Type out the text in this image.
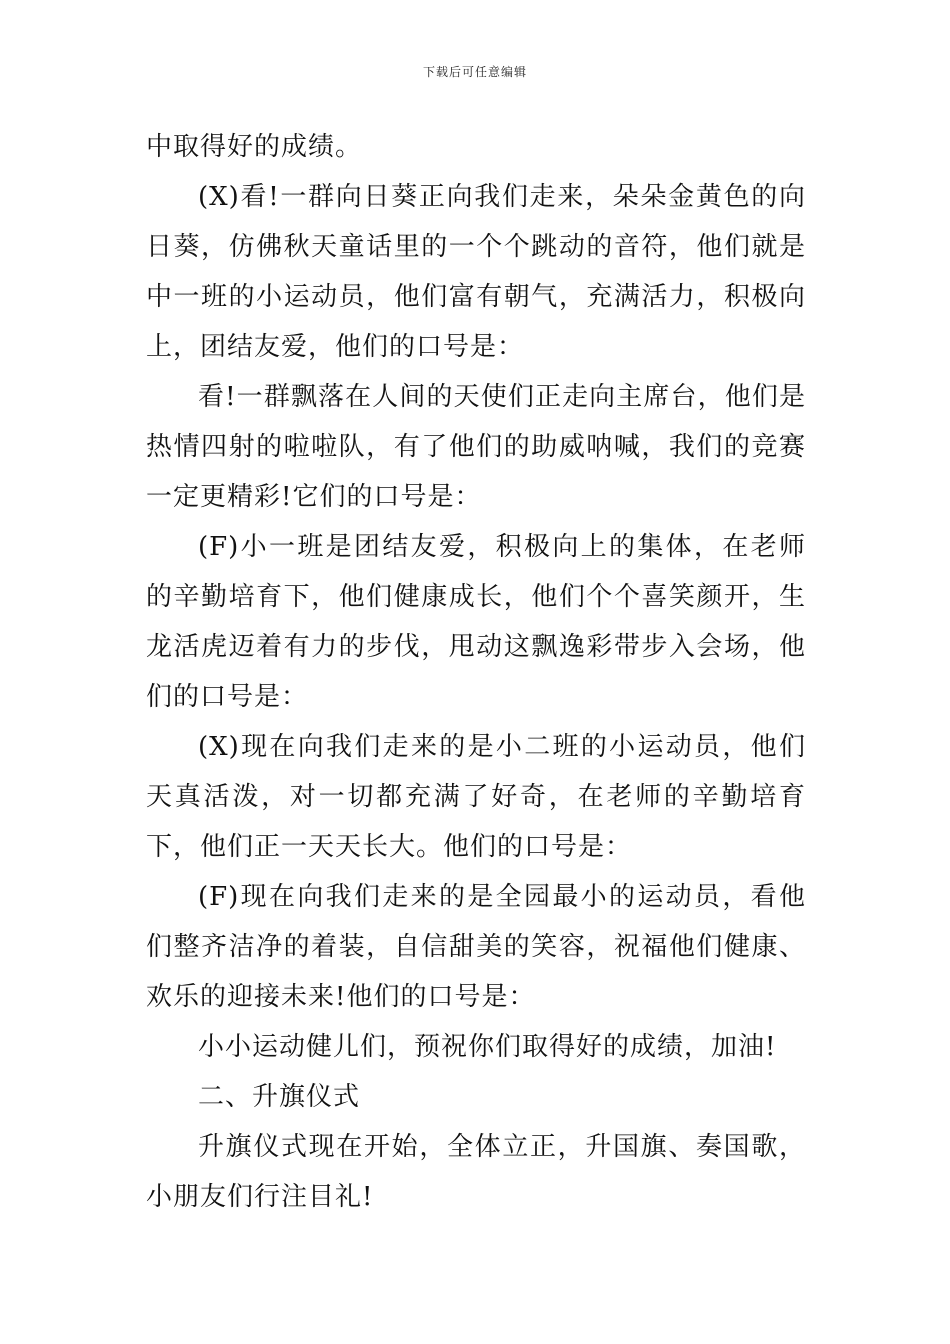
下载后可任意编辑

中取得好的成绩。

(X)看!一群向日葵正向我们走来，朵朵金黄色的向日葵，仿佛秋天童话里的一个个跳动的音符，他们就是中一班的小运动员，他们富有朝气，充满活力，积极向上，团结友爱，他们的口号是：

看!一群飘落在人间的天使们正走向主席台，他们是热情四射的啦啦队，有了他们的助威呐喊，我们的竞赛一定更精彩!它们的口号是：

(F)小一班是团结友爱，积极向上的集体，在老师的辛勤培育下，他们健康成长，他们个个喜笑颜开，生龙活虎迈着有力的步伐，甩动这飘逸彩带步入会场，他们的口号是：

(X)现在向我们走来的是小二班的小运动员，他们天真活泼，对一切都充满了好奇，在老师的辛勤培育下，他们正一天天长大。他们的口号是：

(F)现在向我们走来的是全园最小的运动员，看他们整齐洁净的着装，自信甜美的笑容，祝福他们健康、欢乐的迎接未来!他们的口号是：

小小运动健儿们，预祝你们取得好的成绩，加油!

二、升旗仪式

升旗仪式现在开始，全体立正，升国旗、奏国歌，小朋友们行注目礼!
